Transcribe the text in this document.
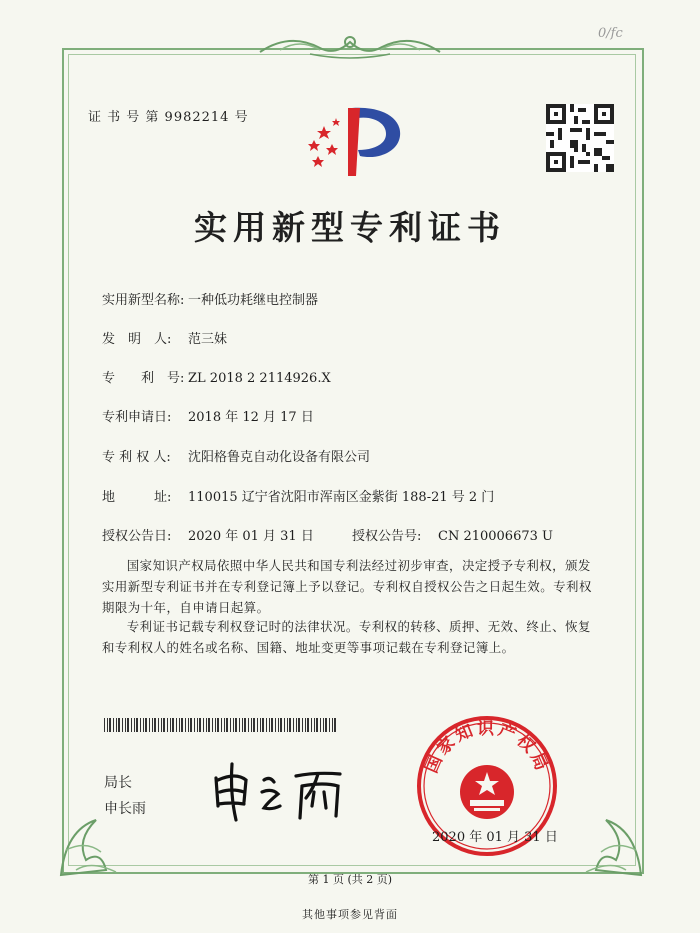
0/fc
证 书 号 第 9982214 号
实用新型专利证书
实用新型名称: 一种低功耗继电控制器
发　明　人: 范三妹
专　　利　号: ZL 2018 2 2114926.X
专利申请日: 2018 年 12 月 17 日
专 利 权 人: 沈阳格鲁克自动化设备有限公司
地　　　址: 110015 辽宁省沈阳市浑南区金紫街 188-21 号 2 门
授权公告日: 2020 年 01 月 31 日	授权公告号: CN 210006673 U
国家知识产权局依照中华人民共和国专利法经过初步审查，决定授予专利权，颁发实用新型专利证书并在专利登记簿上予以登记。专利权自授权公告之日起生效。专利权期限为十年，自申请日起算。
专利证书记载专利权登记时的法律状况。专利权的转移、质押、无效、终止、恢复和专利权人的姓名或名称、国籍、地址变更等事项记载在专利登记簿上。
局长
申长雨
国家知识产权局
2020 年 01 月 31 日
第 1 页 (共 2 页)
其他事项参见背面
